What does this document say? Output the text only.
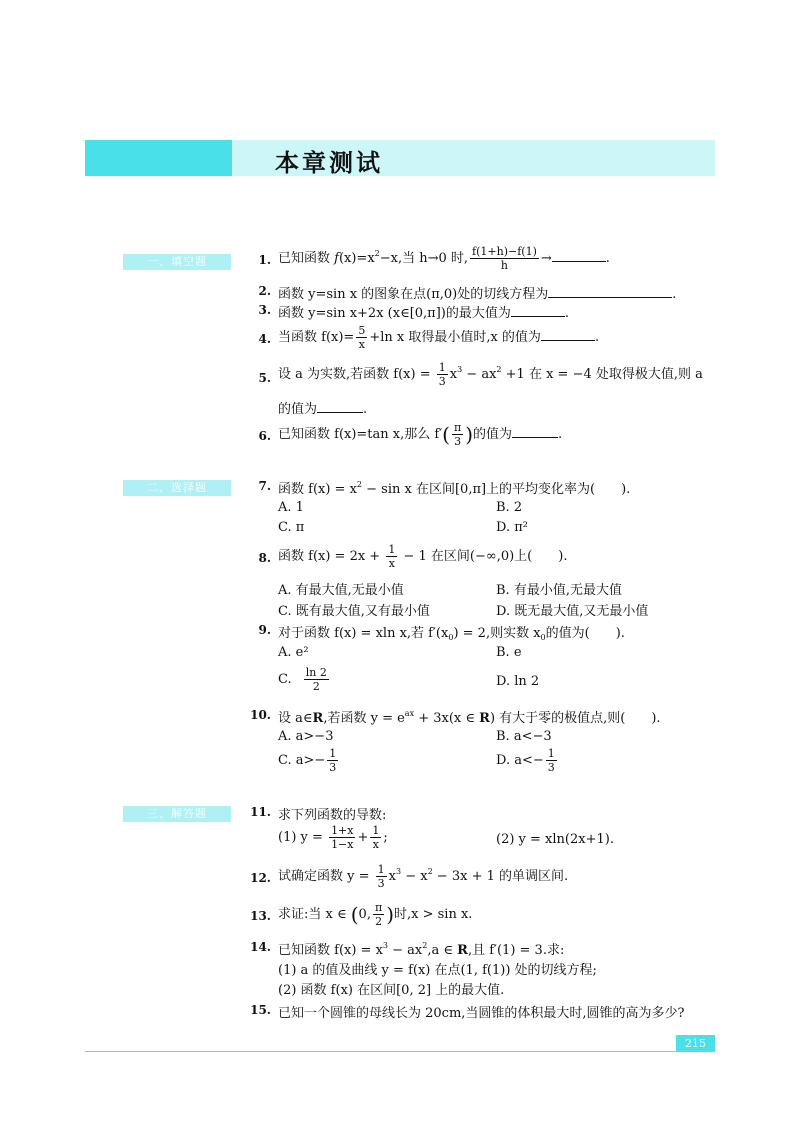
本章测试
一、填空题	1. 已知函数 $f(x)=x^2-x$,当 h→0 时, $\frac{f(1+h)-f(1)}{h}$ →	.
2. 函数 y=sin x 的图象在点(π,0)处的切线方程为	.
3. 函数 y=sin x+2x (x∈[0,π])的最大值为	.
4. 当函数 $f(x)= \frac{5}{x} +\ln$ x 取得最小值时,x 的值为	.
5. 设 a 为实数,若函数 $f(x) = \frac{1}{3} x^3 - ax^2 +1$ 在 x = −4 处取得极大值,则 a
的值为	.
6. 已知函数 f(x)=tan x,那么 $f'( \frac{\pi}{3}$ )的值为	.
二、选择题	7. 函数 $f(x) = x^2 - \sin x$ 在区间[0,π]上的平均变化率为(　　).
A. 1	B. 2
C. π	D. π²
8. 函数 $f(x) = 2x + \frac{1}{x} - 1$ 在区间(−∞,0)上(　　).
A. 有最大值,无最小值	B. 有最小值,无最大值
C. 既有最大值,又有最小值	D. 既无最大值,又无最小值
9. 对于函数 f(x) = xln x,若 $f'(x_0) = 2$,则实数 $x_0$的值为(　　).
A. e²	B. e
C. $\frac{\ln 2}{2}$	D. ln 2
10. 设 a∈R,若函数 $y = e^{ax} + 3x(x$ ∈ R) 有大于零的极值点,则(　　).
A. a>−3	B. a<−3
C. $a>- \frac{1}{3}$	D. $a<- \frac{1}{3}$
三、解答题	11. 求下列函数的导数:
(1) $y = \frac{1+x}{1-x} + \frac{1}{x}$ ;	(2) y = xln(2x+1).
12. 试确定函数 $y = \frac{1}{3} x^3 - x^2 - 3x + 1$ 的单调区间.
13. 求证:当 x ∈ (0, $\frac{\pi}{2}$ )时,x > sin x.
14. 已知函数 $f(x) = x^3 - ax^2,a$ ∈ R,且 f′(1) = 3.求:
(1) a 的值及曲线 y = f(x) 在点(1, f(1)) 处的切线方程;
(2) 函数 f(x) 在区间[0, 2] 上的最大值.
15. 已知一个圆锥的母线长为 20cm,当圆锥的体积最大时,圆锥的高为多少?
215
